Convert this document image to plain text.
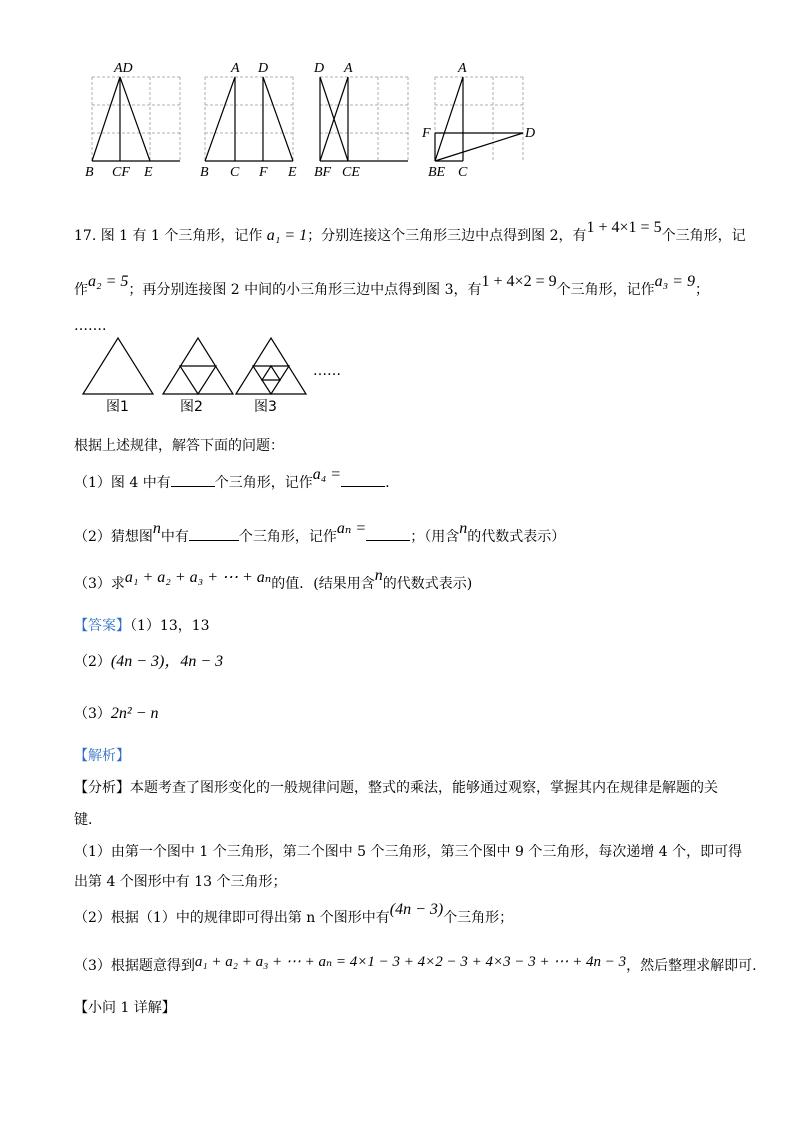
AD
B CF E
A D
B C F E
D A
BF CE
A
F	D
BE C
17. 图 1 有 1 个三角形，记作 a₁ = 1；分别连接这个三角形三边中点得到图 2，有1 + 4×1 = 5个三角形，记
作a₂ = 5；再分别连接图 2 中间的小三角形三边中点得到图 3，有1 + 4×2 = 9个三角形，记作a₃ = 9；
…….
图1	图2	图3
……
根据上述规律，解答下面的问题：
（1）图 4 中有	个三角形，记作a₄ =	.
（2）猜想图n中有	个三角形，记作aₙ =	；（用含n的代数式表示）
（3）求a₁ + a₂ + a₃ + ⋯ + aₙ的值．(结果用含n的代数式表示)
【答案】（1）13，13
（2）(4n − 3)，4n − 3
（3）2n² − n
【解析】
【分析】本题考查了图形变化的一般规律问题，整式的乘法，能够通过观察，掌握其内在规律是解题的关
键.
（1）由第一个图中 1 个三角形，第二个图中 5 个三角形，第三个图中 9 个三角形，每次递增 4 个，即可得
出第 4 个图形中有 13 个三角形；
（2）根据（1）中的规律即可得出第 n 个图形中有(4n − 3)个三角形；
（3）根据题意得到a₁ + a₂ + a₃ + ⋯ + aₙ = 4×1 − 3 + 4×2 − 3 + 4×3 − 3 + ⋯ + 4n − 3，然后整理求解即可.
【小问 1 详解】
